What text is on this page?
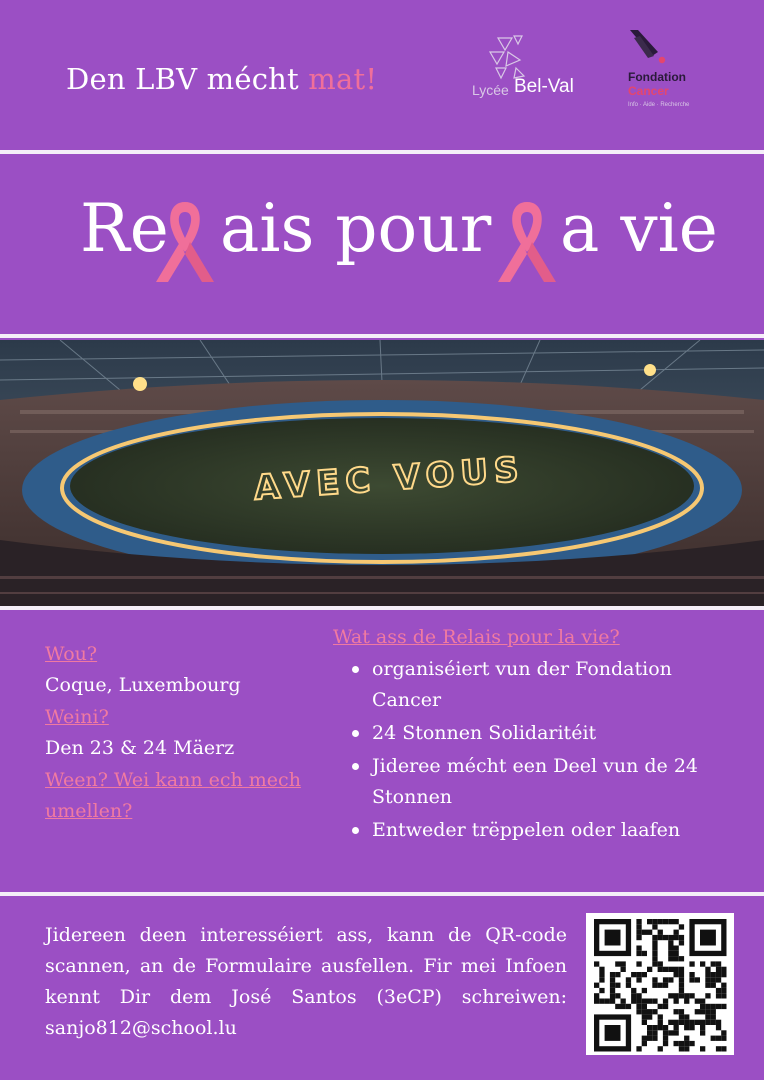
Den LBV mécht mat!	Lycée Bel-Val	Fondation
Cancer
Info · Aide · Recherche
Re ais pour a vie
AVEC VOUS
Wou?
Coque, Luxembourg
Weini?
Den 23 & 24 Mäerz
Ween? Wei kann ech mech
umellen?
Wat ass de Relais pour la vie?
organiséiert vun der Fondation Cancer
24 Stonnen Solidaritéit
Jideree mécht een Deel vun de 24 Stonnen
Entweder trëppelen oder laafen
Jidereen deen interesséiert ass, kann de QR-code scannen, an de Formulaire ausfellen. Fir mei Infoen kennt Dir dem José Santos (3eCP) schreiwen: sanjo812@school.lu
